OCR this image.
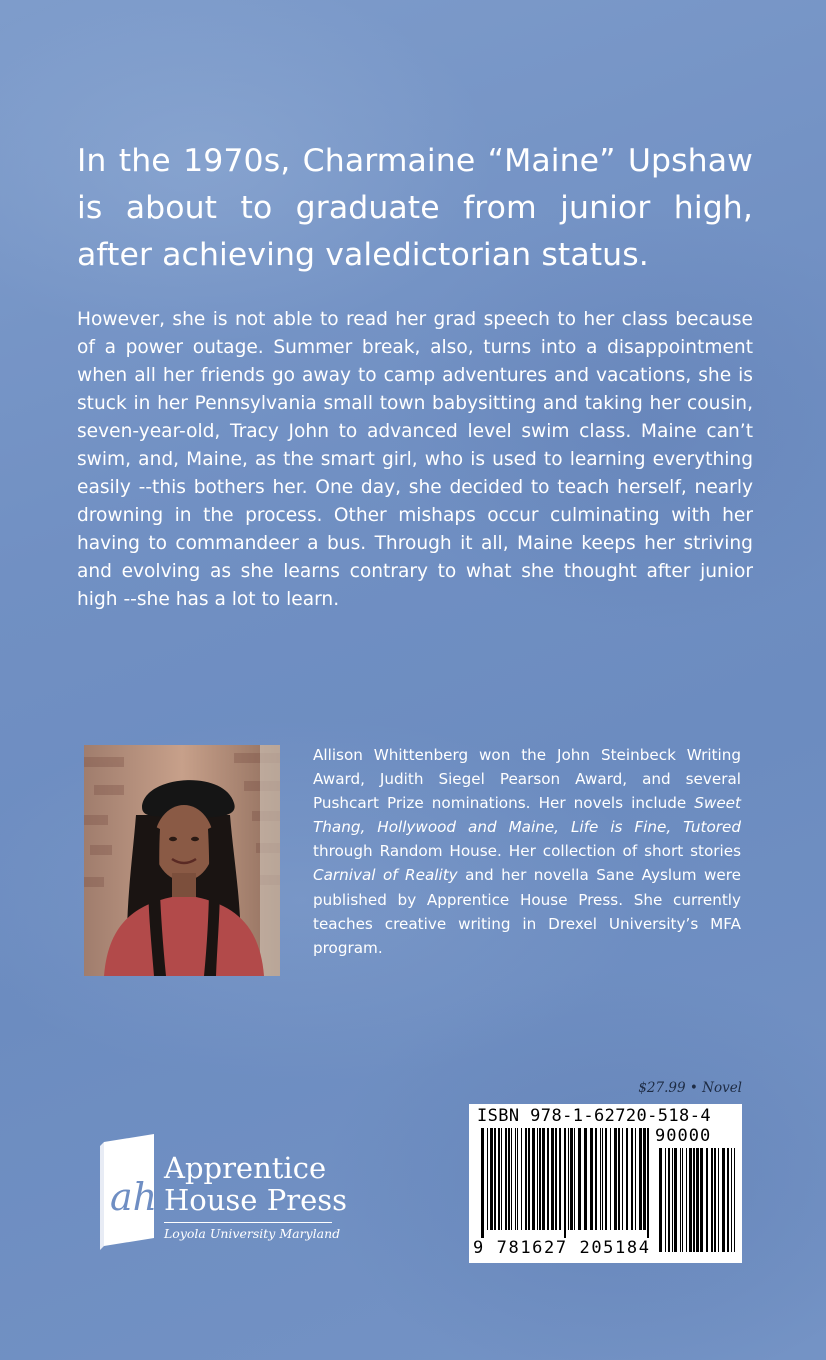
In the 1970s, Charmaine “Maine” Upshaw is about to graduate from junior high, after achieving valedictorian status.
However, she is not able to read her grad speech to her class because of a power outage. Summer break, also, turns into a disappointment when all her friends go away to camp adventures and vacations, she is stuck in her Pennsylvania small town babysitting and taking her cousin, seven-year-old, Tracy John to advanced level swim class. Maine can’t swim, and, Maine, as the smart girl, who is used to learning everything easily --this bothers her. One day, she decided to teach herself, nearly drowning in the process. Other mishaps occur culminating with her having to commandeer a bus. Through it all, Maine keeps her striving and evolving as she learns contrary to what she thought after junior high --she has a lot to learn.
Allison Whittenberg won the John Steinbeck Writing Award, Judith Siegel Pearson Award, and several Pushcart Prize nominations. Her novels include Sweet Thang, Hollywood and Maine, Life is Fine, Tutored through Random House. Her collection of short stories Carnival of Reality and her novella Sane Ayslum were published by Apprentice House Press. She currently teaches creative writing in Drexel University’s MFA program.
$27.99 • Novel
ISBN 978-1-62720-518-4
90000
9 781627 205184
ah
Apprentice
House Press
Loyola University Maryland
